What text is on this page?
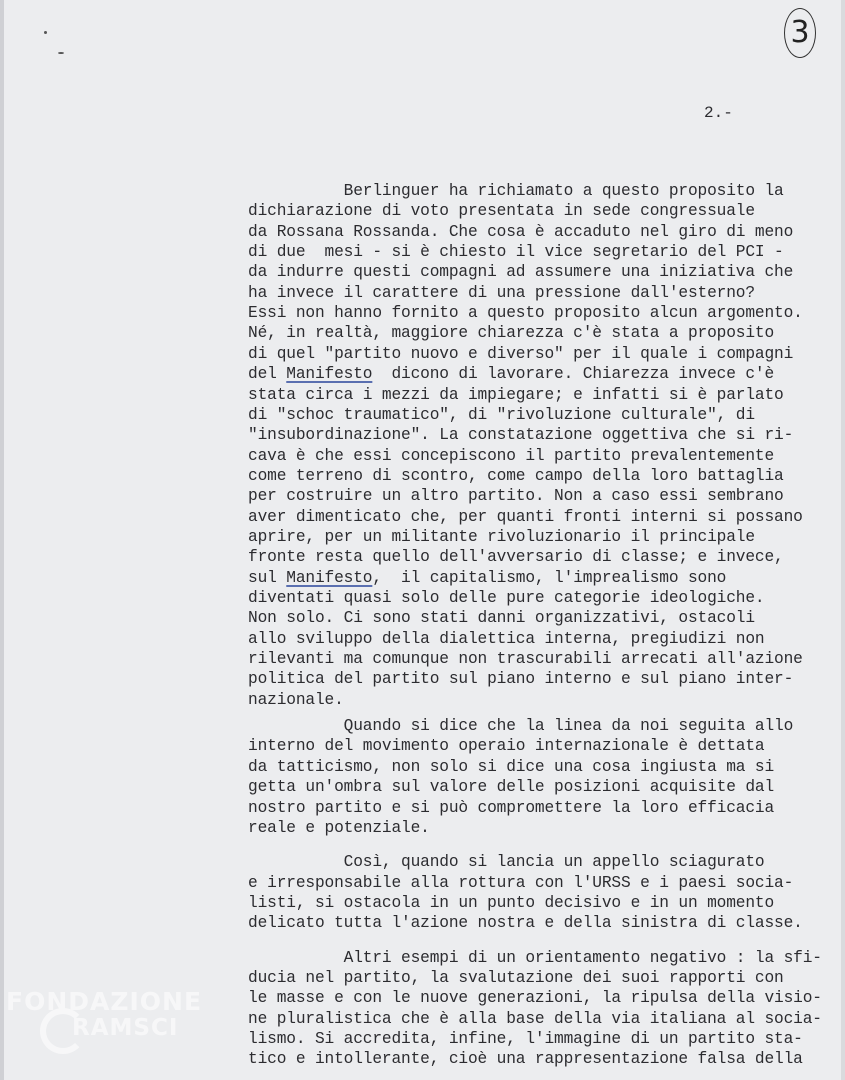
3
2.-
Berlinguer ha richiamato a questo proposito la
dichiarazione di voto presentata in sede congressuale
da Rossana Rossanda. Che cosa è accaduto nel giro di meno
di due  mesi - si è chiesto il vice segretario del PCI -
da indurre questi compagni ad assumere una iniziativa che
ha invece il carattere di una pressione dall'esterno?
Essi non hanno fornito a questo proposito alcun argomento.
Né, in realtà, maggiore chiarezza c'è stata a proposito
di quel "partito nuovo e diverso" per il quale i compagni
del Manifesto  dicono di lavorare. Chiarezza invece c'è
stata circa i mezzi da impiegare; e infatti si è parlato
di "schoc traumatico", di "rivoluzione culturale", di
"insubordinazione". La constatazione oggettiva che si ri-
cava è che essi concepiscono il partito prevalentemente
come terreno di scontro, come campo della loro battaglia
per costruire un altro partito. Non a caso essi sembrano
aver dimenticato che, per quanti fronti interni si possano
aprire, per un militante rivoluzionario il principale
fronte resta quello dell'avversario di classe; e invece,
sul Manifesto,  il capitalismo, l'imprealismo sono
diventati quasi solo delle pure categorie ideologiche.
Non solo. Ci sono stati danni organizzativi, ostacoli
allo sviluppo della dialettica interna, pregiudizi non
rilevanti ma comunque non trascurabili arrecati all'azione
politica del partito sul piano interno e sul piano inter-
nazionale.
Quando si dice che la linea da noi seguita allo
interno del movimento operaio internazionale è dettata
da tatticismo, non solo si dice una cosa ingiusta ma si
getta un'ombra sul valore delle posizioni acquisite dal
nostro partito e si può compromettere la loro efficacia
reale e potenziale.
Così, quando si lancia un appello sciagurato
e irresponsabile alla rottura con l'URSS e i paesi socia-
listi, si ostacola in un punto decisivo e in un momento
delicato tutta l'azione nostra e della sinistra di classe.
Altri esempi di un orientamento negativo : la sfi-
ducia nel partito, la svalutazione dei suoi rapporti con
le masse e con le nuove generazioni, la ripulsa della visio-
ne pluralistica che è alla base della via italiana al socia-
lismo. Si accredita, infine, l'immagine di un partito sta-
tico e intollerante, cioè una rappresentazione falsa della
FONDAZIONE
RAMSCI
